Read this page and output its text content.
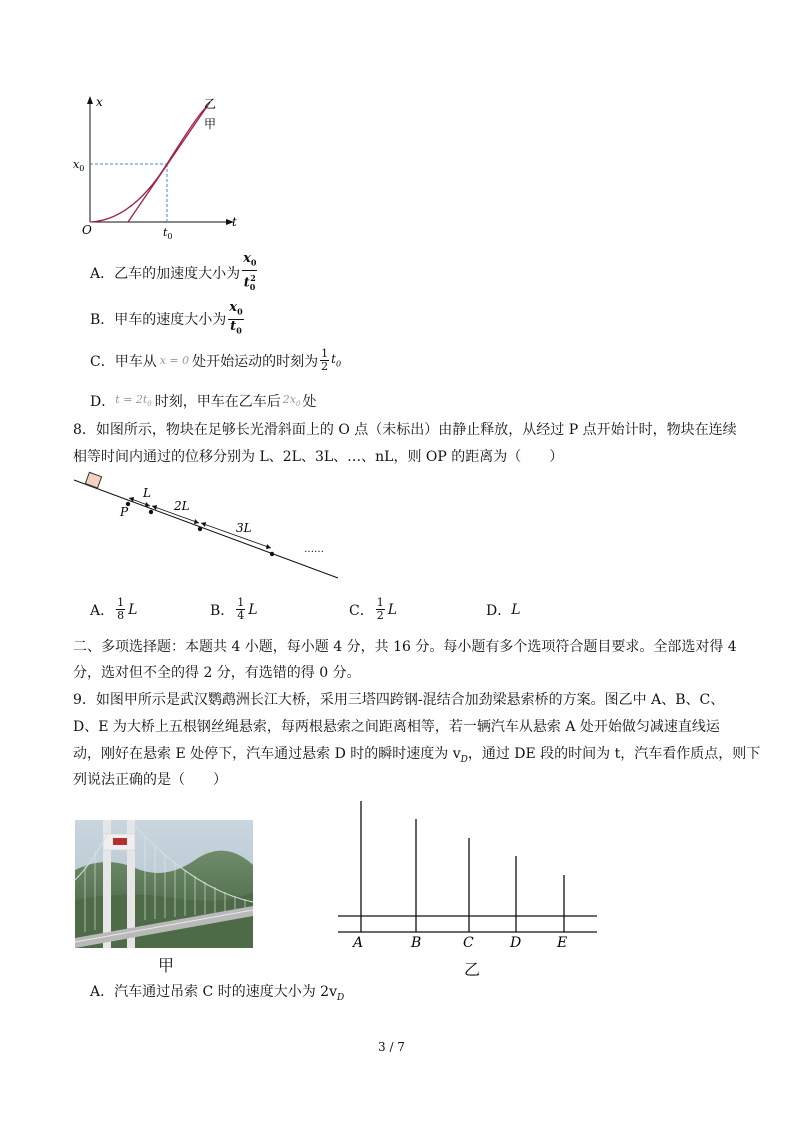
x
t
O
$x_0$
$t_0$
乙
甲
A．乙车的加速度大小为 $\frac{x_0}{t_0^2}$
B．甲车的速度大小为 $\frac{x_0}{t_0}$
C．甲车从 x = 0 处开始运动的时刻为 $\frac{1}{2} t_0$
D． $t = 2t_0$ 时刻，甲车在乙车后 $2x_0$ 处
8．如图所示，物块在足够长光滑斜面上的 O 点（未标出）由静止释放，从经过 P 点开始计时，物块在连续
相等时间内通过的位移分别为 L、2L、3L、…、nL，则 OP 的距离为（　　）
P
L
2L
3L
……
A． $\frac{1}{8}$ L	B． $\frac{1}{4}$ L	C． $\frac{1}{2}$ L	D． L
二、多项选择题：本题共 4 小题，每小题 4 分，共 16 分。每小题有多个选项符合题目要求。全部选对得 4
分，选对但不全的得 2 分，有选错的得 0 分。
9．如图甲所示是武汉鹦鹉洲长江大桥，采用三塔四跨钢-混结合加劲梁悬索桥的方案。图乙中 A、B、C、
D、E 为大桥上五根钢丝绳悬索，每两根悬索之间距离相等，若一辆汽车从悬索 A 处开始做匀减速直线运
动，刚好在悬索 E 处停下，汽车通过悬索 D 时的瞬时速度为 $v_D$，通过 DE 段的时间为 t，汽车看作质点，则下
列说法正确的是（　　）
甲
A	B	C	D	E
乙
A．汽车通过吊索 C 时的速度大小为 $2v_D$
3 / 7
